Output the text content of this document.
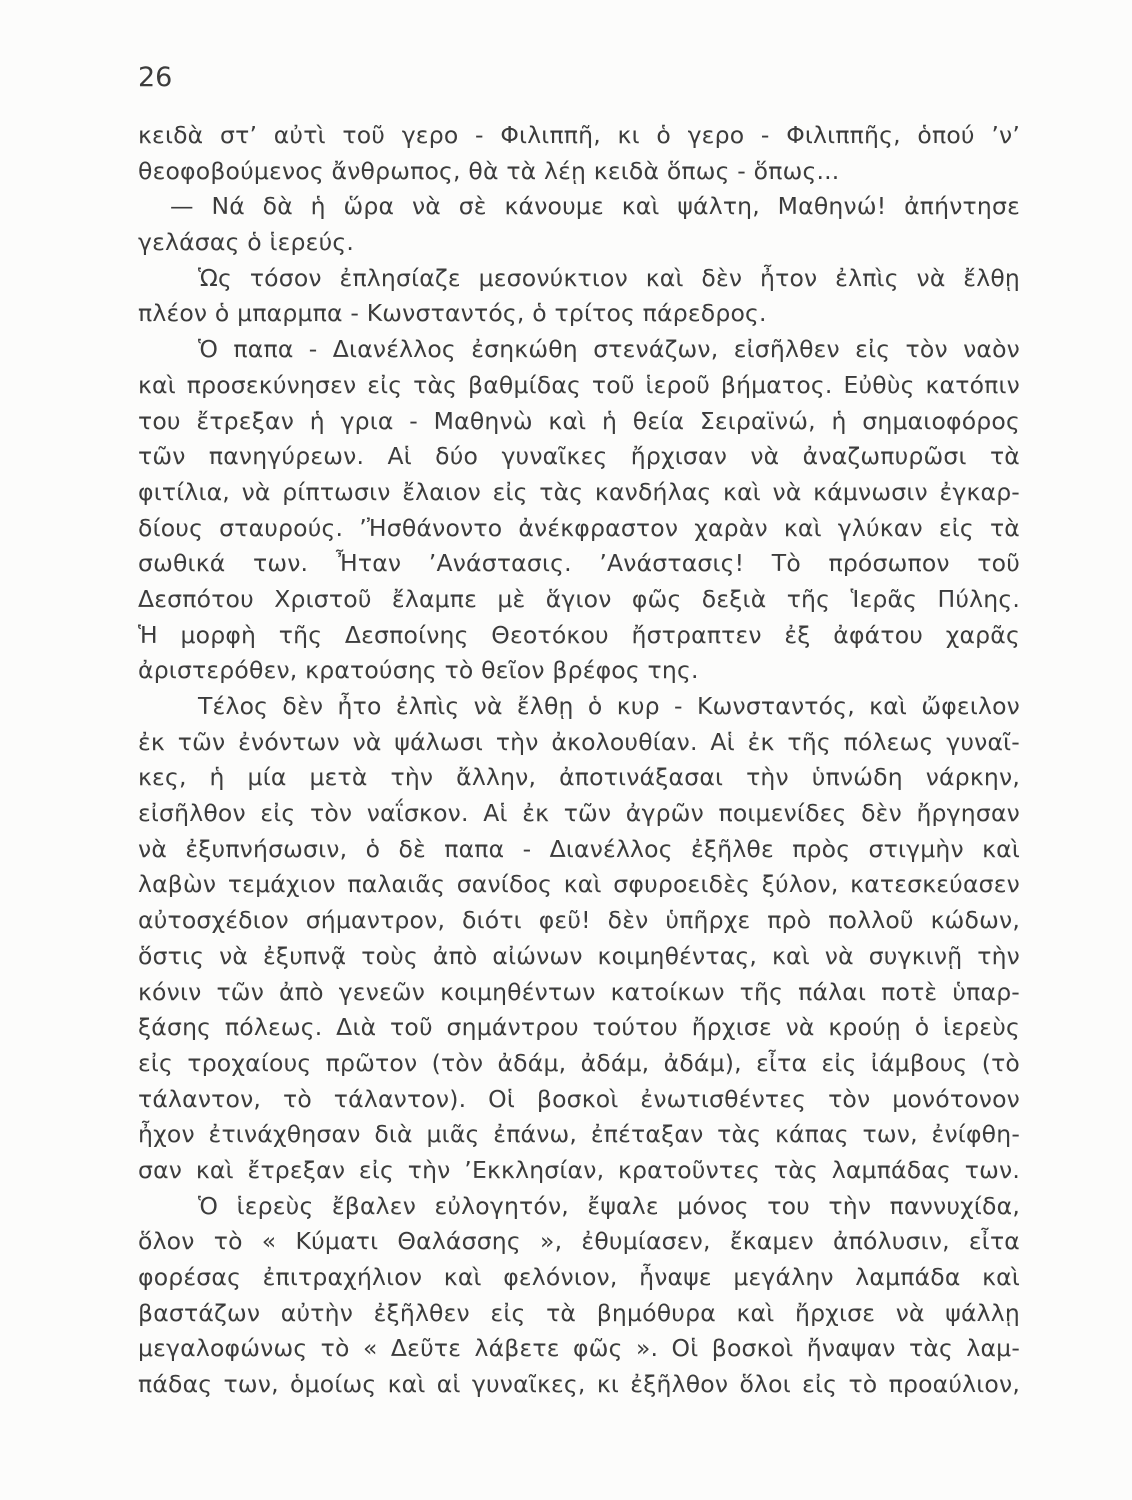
26
κειδὰ στ’ αὐτὶ τοῦ γερο - Φιλιππῆ, κι ὁ γερο - Φιλιππῆς, ὁπού ’ν’
θεοφοβούμενος ἄνθρωπος, θὰ τὰ λέῃ κειδὰ ὅπως - ὅπως...
— Νά δὰ ἡ ὥρα νὰ σὲ κάνουμε καὶ ψάλτη, Μαθηνώ! ἀπήντησε
γελάσας ὁ ἱερεύς.
Ὡς τόσον ἐπλησίαζε μεσονύκτιον καὶ δὲν ἦτον ἐλπὶς νὰ ἔλθῃ
πλέον ὁ μπαρμπα - Κωνσταντός, ὁ τρίτος πάρεδρος.
Ὁ παπα - Διανέλλος ἐσηκώθη στενάζων, εἰσῆλθεν εἰς τὸν ναὸν
καὶ προσεκύνησεν εἰς τὰς βαθμίδας τοῦ ἱεροῦ βήματος. Εὐθὺς κατόπιν
του ἔτρεξαν ἡ γρια - Μαθηνὼ καὶ ἡ θεία Σειραϊνώ, ἡ σημαιοφόρος
τῶν πανηγύρεων. Αἱ δύο γυναῖκες ἤρχισαν νὰ ἀναζωπυρῶσι τὰ
φιτίλια, νὰ ρίπτωσιν ἔλαιον εἰς τὰς κανδήλας καὶ νὰ κάμνωσιν ἐγκαρ-
δίους σταυρούς. ’Ἠσθάνοντο ἀνέκφραστον χαρὰν καὶ γλύκαν εἰς τὰ
σωθικά των. Ἦταν ’Ανάστασις. ’Ανάστασις! Τὸ πρόσωπον τοῦ
Δεσπότου Χριστοῦ ἔλαμπε μὲ ἅγιον φῶς δεξιὰ τῆς Ἱερᾶς Πύλης.
Ἡ μορφὴ τῆς Δεσποίνης Θεοτόκου ἤστραπτεν ἐξ ἀφάτου χαρᾶς
ἀριστερόθεν, κρατούσης τὸ θεῖον βρέφος της.
Τέλος δὲν ἦτο ἐλπὶς νὰ ἔλθῃ ὁ κυρ - Κωνσταντός, καὶ ὤφειλον
ἐκ τῶν ἐνόντων νὰ ψάλωσι τὴν ἀκολουθίαν. Αἱ ἐκ τῆς πόλεως γυναῖ-
κες, ἡ μία μετὰ τὴν ἄλλην, ἀποτινάξασαι τὴν ὑπνώδη νάρκην,
εἰσῆλθον εἰς τὸν ναΐσκον. Αἱ ἐκ τῶν ἀγρῶν ποιμενίδες δὲν ἤργησαν
νὰ ἐξυπνήσωσιν, ὁ δὲ παπα - Διανέλλος ἐξῆλθε πρὸς στιγμὴν καὶ
λαβὼν τεμάχιον παλαιᾶς σανίδος καὶ σφυροειδὲς ξύλον, κατεσκεύασεν
αὐτοσχέδιον σήμαντρον, διότι φεῦ! δὲν ὑπῆρχε πρὸ πολλοῦ κώδων,
ὅστις νὰ ἐξυπνᾷ τοὺς ἀπὸ αἰώνων κοιμηθέντας, καὶ νὰ συγκινῇ τὴν
κόνιν τῶν ἀπὸ γενεῶν κοιμηθέντων κατοίκων τῆς πάλαι ποτὲ ὑπαρ-
ξάσης πόλεως. Διὰ τοῦ σημάντρου τούτου ἤρχισε νὰ κρούῃ ὁ ἱερεὺς
εἰς τροχαίους πρῶτον (τὸν ἀδάμ, ἀδάμ, ἀδάμ), εἶτα εἰς ἰάμβους (τὸ
τάλαντον, τὸ τάλαντον). Οἱ βοσκοὶ ἐνωτισθέντες τὸν μονότονον
ἦχον ἐτινάχθησαν διὰ μιᾶς ἐπάνω, ἐπέταξαν τὰς κάπας των, ἐνίφθη-
σαν καὶ ἔτρεξαν εἰς τὴν ’Εκκλησίαν, κρατοῦντες τὰς λαμπάδας των.
Ὁ ἱερεὺς ἔβαλεν εὐλογητόν, ἔψαλε μόνος του τὴν παννυχίδα,
ὅλον τὸ « Κύματι Θαλάσσης », ἐθυμίασεν, ἔκαμεν ἀπόλυσιν, εἶτα
φορέσας ἐπιτραχήλιον καὶ φελόνιον, ἦναψε μεγάλην λαμπάδα καὶ
βαστάζων αὐτὴν ἐξῆλθεν εἰς τὰ βημόθυρα καὶ ἤρχισε νὰ ψάλλῃ
μεγαλοφώνως τὸ « Δεῦτε λάβετε φῶς ». Οἱ βοσκοὶ ἤναψαν τὰς λαμ-
πάδας των, ὁμοίως καὶ αἱ γυναῖκες, κι ἐξῆλθον ὅλοι εἰς τὸ προαύλιον,
